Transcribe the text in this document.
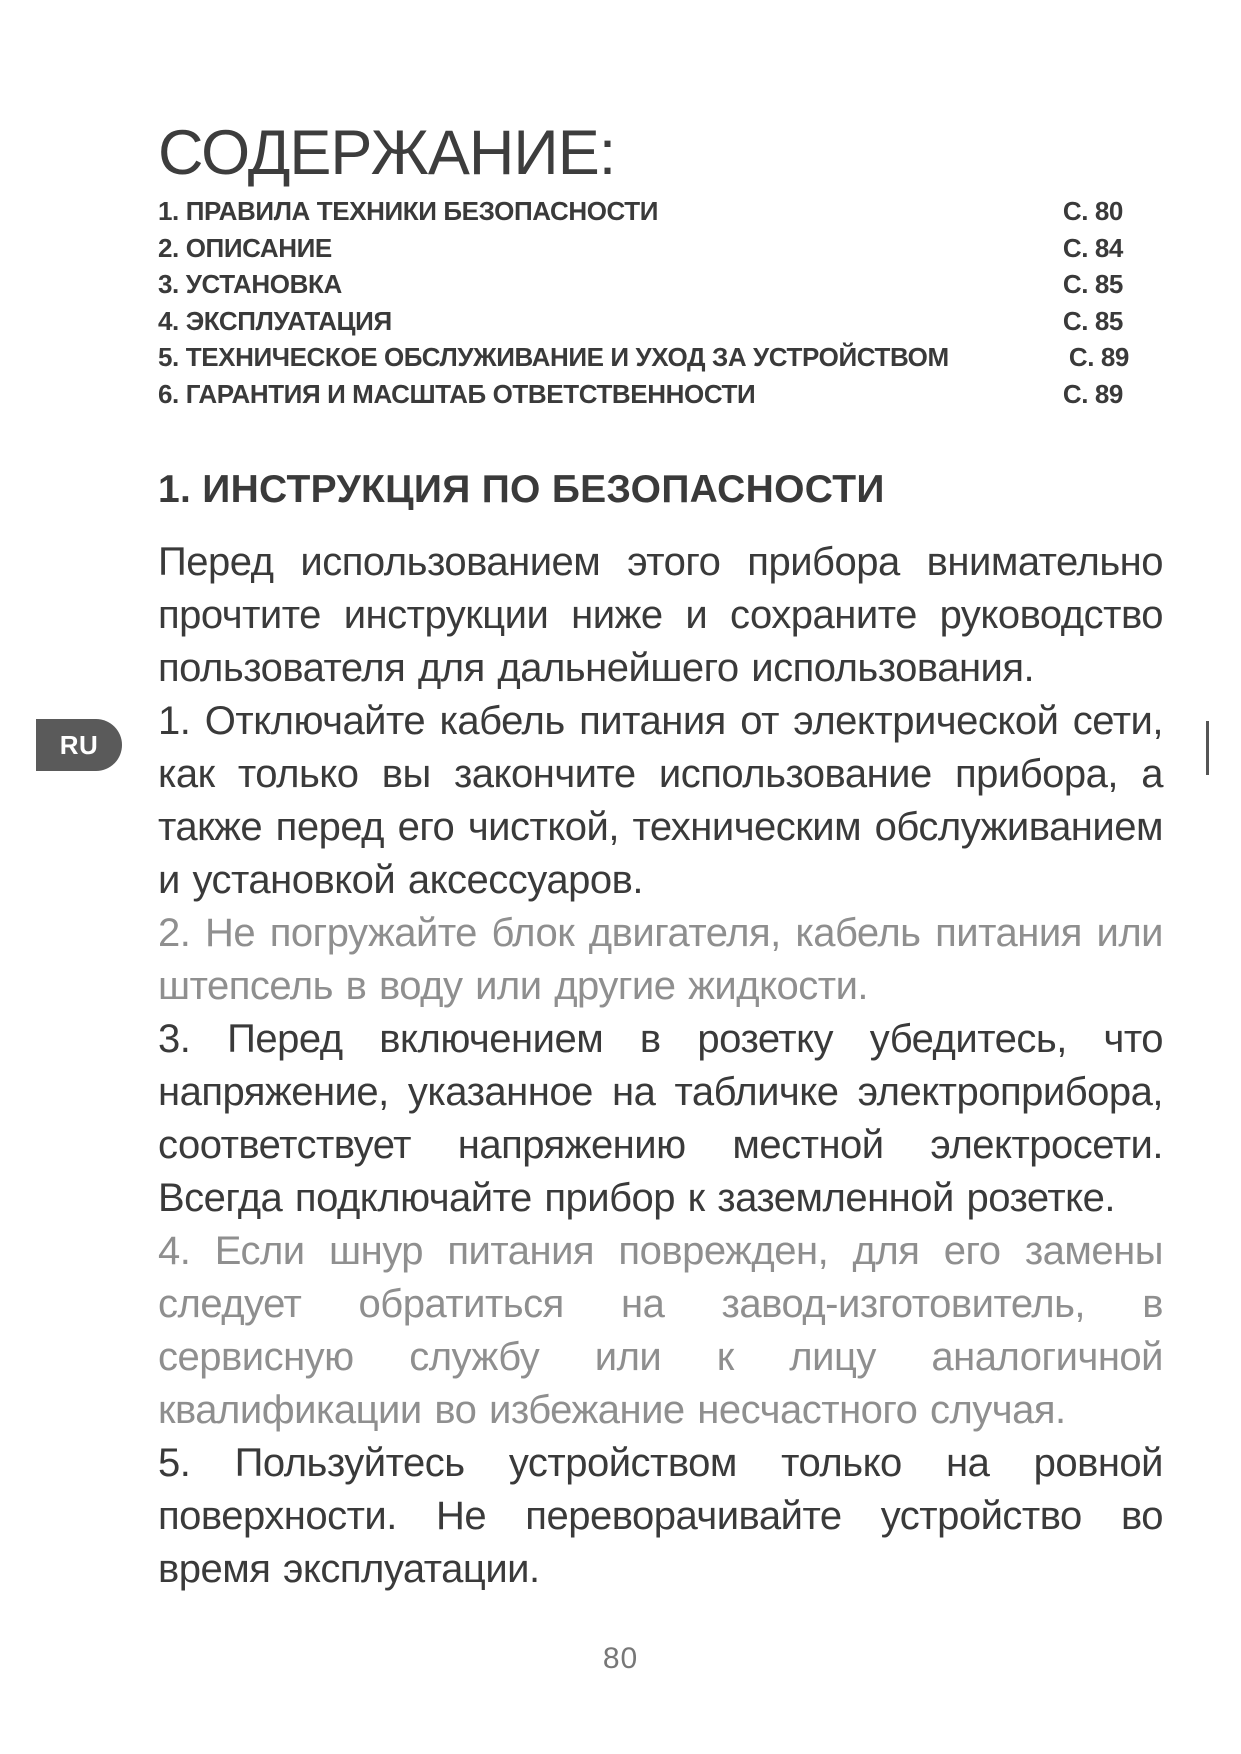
RU
СОДЕРЖАНИЕ:
1. ПРАВИЛА ТЕХНИКИ БЕЗОПАСНОСТИ	С. 80
2. ОПИСАНИЕ	С. 84
3. УСТАНОВКА	С. 85
4. ЭКСПЛУАТАЦИЯ	С. 85
5. ТЕХНИЧЕСКОЕ ОБСЛУЖИВАНИЕ И УХОД ЗА УСТРОЙСТВОМ	С. 89
6. ГАРАНТИЯ И МАСШТАБ ОТВЕТСТВЕННОСТИ	С. 89
1. ИНСТРУКЦИЯ ПО БЕЗОПАСНОСТИ

Перед использованием этого прибора внимательно прочтите инструкции ниже и сохраните руководство пользователя для дальнейшего использования.

1. Отключайте кабель питания от электрической сети, как только вы закончите использование прибора, а также перед его чисткой, техническим обслуживанием и установкой аксессуаров.

2. Не погружайте блок двигателя, кабель питания или штепсель в воду или другие жидкости.

3. Перед включением в розетку убедитесь, что напряжение, указанное на табличке электроприбора, соответствует напряжению местной электросети. Всегда подключайте прибор к заземленной розетке.

4. Если шнур питания поврежден, для его замены следует обратиться на завод-изготовитель, в сервисную службу или к лицу аналогичной квалификации во избежание несчастного случая.

5. Пользуйтесь устройством только на ровной поверхности. Не переворачивайте устройство во время эксплуатации.

80
